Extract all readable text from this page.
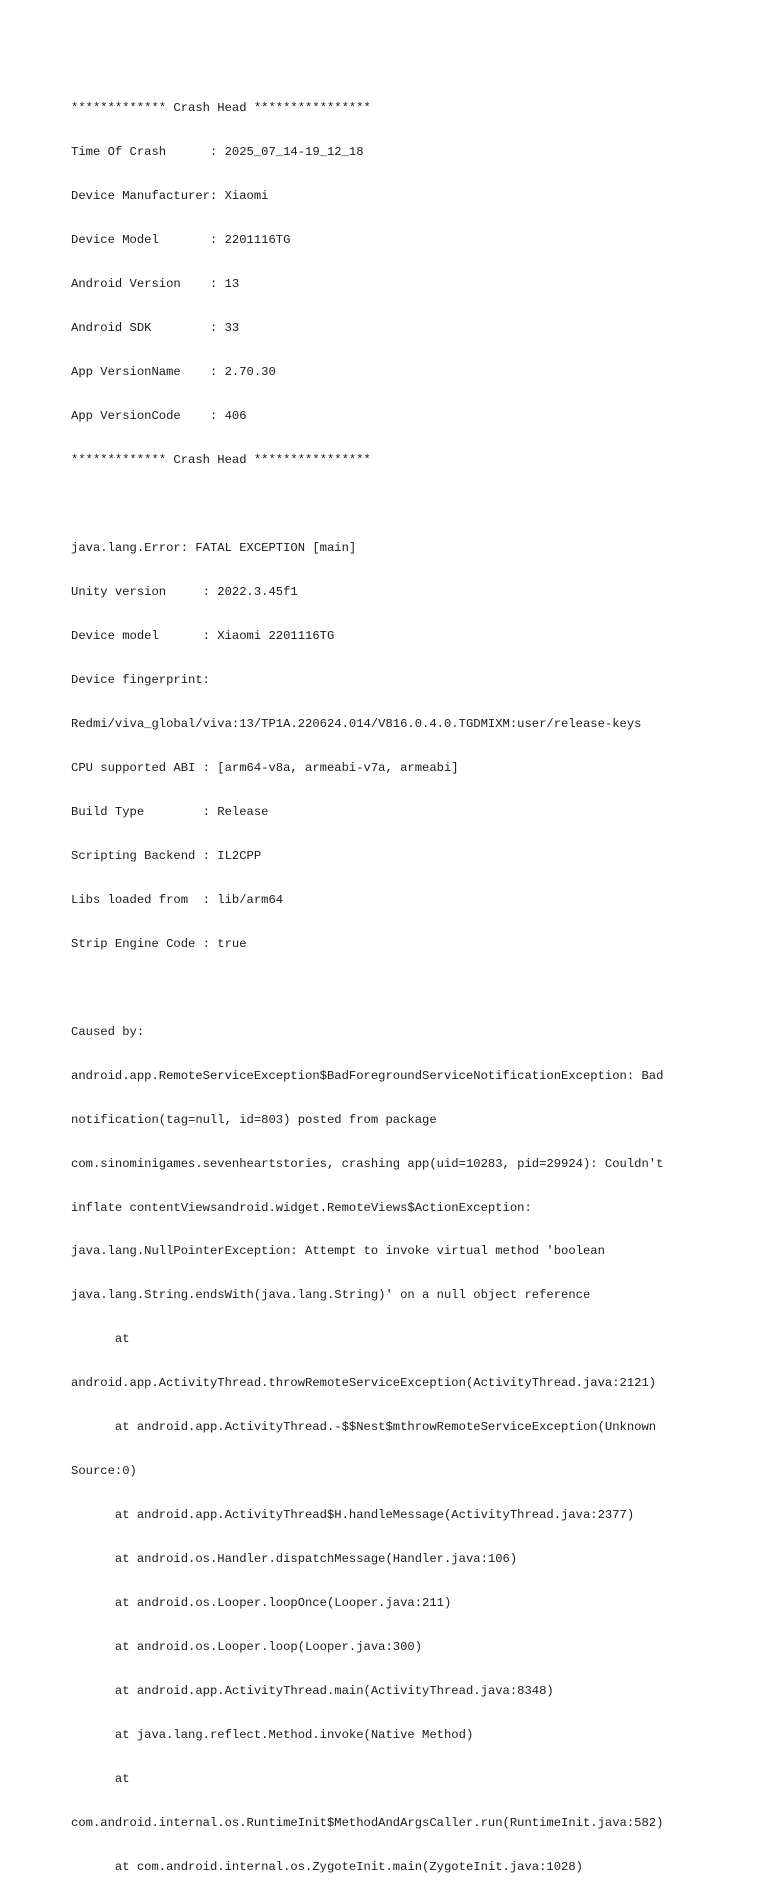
************* Crash Head ****************

Time Of Crash      : 2025_07_14-19_12_18

Device Manufacturer: Xiaomi

Device Model       : 2201116TG

Android Version    : 13

Android SDK        : 33

App VersionName    : 2.70.30

App VersionCode    : 406

************* Crash Head ****************

java.lang.Error: FATAL EXCEPTION [main]

Unity version     : 2022.3.45f1

Device model      : Xiaomi 2201116TG

Device fingerprint:

Redmi/viva_global/viva:13/TP1A.220624.014/V816.0.4.0.TGDMIXM:user/release-keys

CPU supported ABI : [arm64-v8a, armeabi-v7a, armeabi]

Build Type        : Release

Scripting Backend : IL2CPP

Libs loaded from  : lib/arm64

Strip Engine Code : true

Caused by:

android.app.RemoteServiceException$BadForegroundServiceNotificationException: Bad

notification(tag=null, id=803) posted from package

com.sinominigames.sevenheartstories, crashing app(uid=10283, pid=29924): Couldn't

inflate contentViewsandroid.widget.RemoteViews$ActionException:

java.lang.NullPointerException: Attempt to invoke virtual method 'boolean

java.lang.String.endsWith(java.lang.String)' on a null object reference

at

android.app.ActivityThread.throwRemoteServiceException(ActivityThread.java:2121)

at android.app.ActivityThread.-$$Nest$mthrowRemoteServiceException(Unknown

Source:0)

at android.app.ActivityThread$H.handleMessage(ActivityThread.java:2377)

at android.os.Handler.dispatchMessage(Handler.java:106)

at android.os.Looper.loopOnce(Looper.java:211)

at android.os.Looper.loop(Looper.java:300)

at android.app.ActivityThread.main(ActivityThread.java:8348)

at java.lang.reflect.Method.invoke(Native Method)

at

com.android.internal.os.RuntimeInit$MethodAndArgsCaller.run(RuntimeInit.java:582)

at com.android.internal.os.ZygoteInit.main(ZygoteInit.java:1028)
